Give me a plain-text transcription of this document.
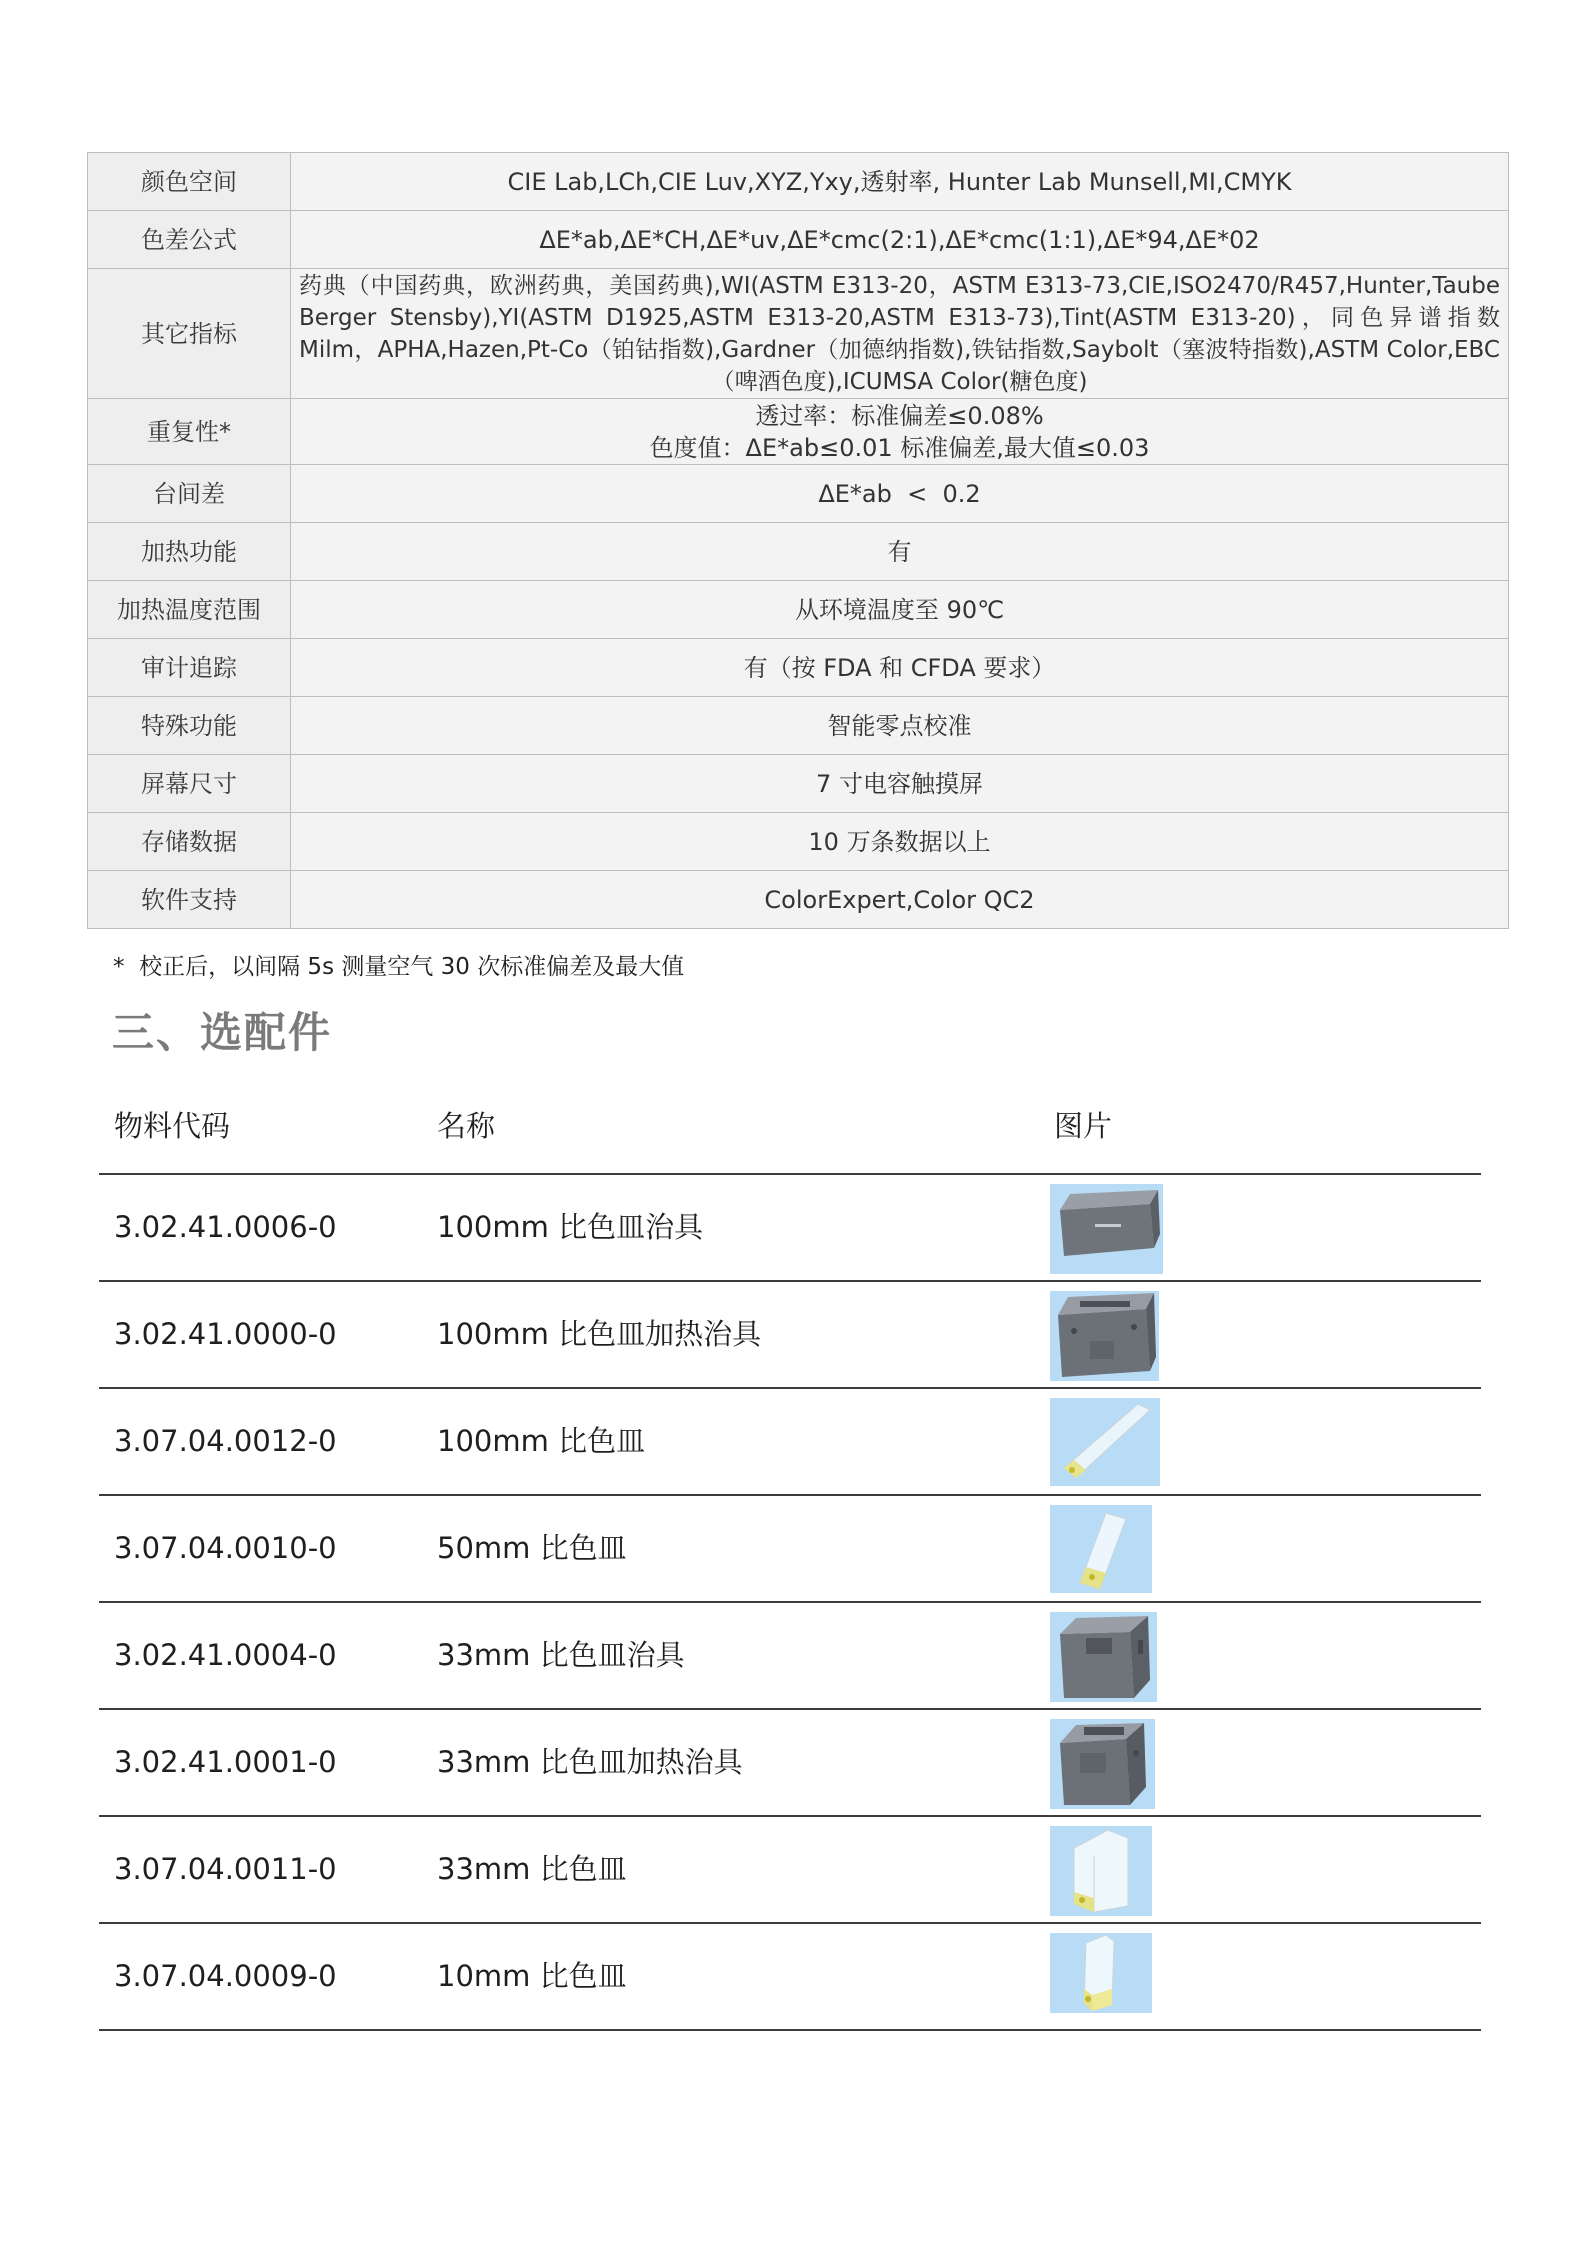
颜色空间	CIE Lab,LCh,CIE Luv,XYZ,Yxy,透射率, Hunter Lab Munsell,MI,CMYK
色差公式	ΔE*ab,ΔE*CH,ΔE*uv,ΔE*cmc(2:1),ΔE*cmc(1:1),ΔE*94,ΔE*02
其它指标	药典（中国药典，欧洲药典，美国药典),WI(ASTM E313-20，ASTM E313-73,CIE,ISO2470/R457,Hunter,Taube Berger Stensby),YI(ASTM D1925,ASTM E313-20,ASTM E313-73),Tint(ASTM E313-20)，同色异谱指数 Milm，APHA,Hazen,Pt-Co（铂钴指数),Gardner（加德纳指数),铁钴指数,Saybolt（塞波特指数),ASTM Color,EBC（啤酒色度),ICUMSA Color(糖色度)
重复性*	透过率：标准偏差≤0.08%
色度值：ΔE*ab≤0.01 标准偏差,最大值≤0.03

台间差	ΔE*ab  <  0.2
加热功能	有
加热温度范围	从环境温度至 90℃
审计追踪	有（按 FDA 和 CFDA 要求）
特殊功能	智能零点校准
屏幕尺寸	7 寸电容触摸屏
存储数据	10 万条数据以上
软件支持	ColorExpert,Color QC2
*  校正后，以间隔 5s 测量空气 30 次标准偏差及最大值
三、选配件
物料代码	名称	图片
3.02.41.0006-0	100mm 比色皿治具
3.02.41.0000-0	100mm 比色皿加热治具
3.07.04.0012-0	100mm 比色皿
3.07.04.0010-0	50mm 比色皿
3.02.41.0004-0	33mm 比色皿治具
3.02.41.0001-0	33mm 比色皿加热治具
3.07.04.0011-0	33mm 比色皿
3.07.04.0009-0	10mm 比色皿
